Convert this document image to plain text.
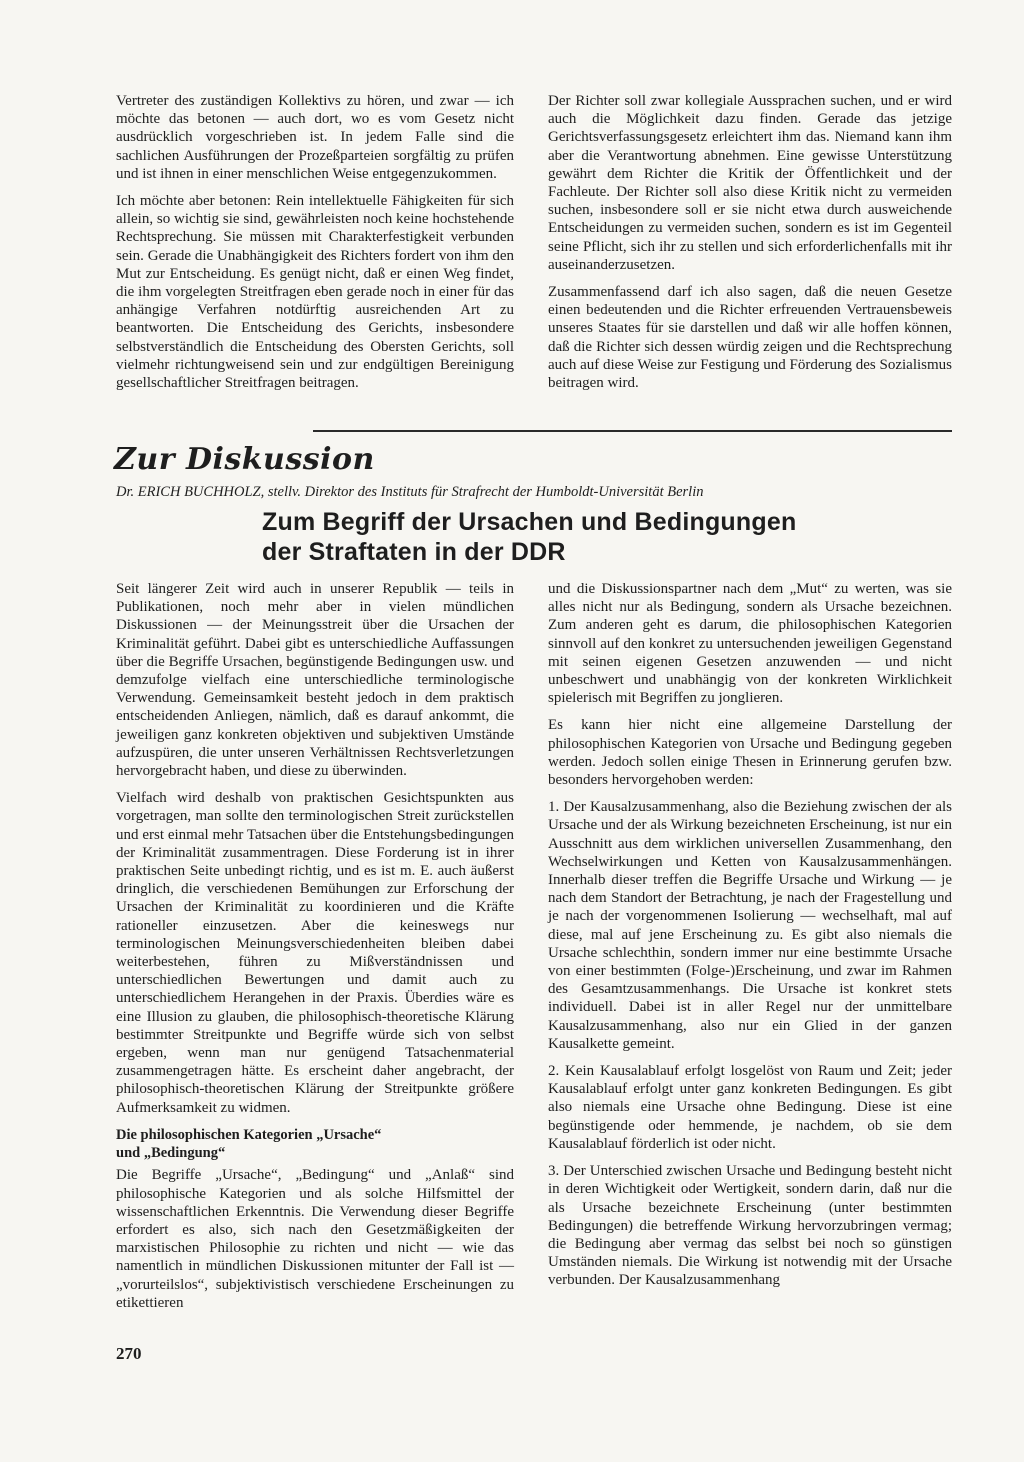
Vertreter des zuständigen Kollektivs zu hören, und zwar — ich möchte das betonen — auch dort, wo es vom Gesetz nicht ausdrücklich vorgeschrieben ist. In jedem Falle sind die sachlichen Ausführungen der Prozeßparteien sorgfältig zu prüfen und ist ihnen in einer menschlichen Weise entgegenzukommen.

Ich möchte aber betonen: Rein intellektuelle Fähigkeiten für sich allein, so wichtig sie sind, gewährleisten noch keine hochstehende Rechtsprechung. Sie müssen mit Charakterfestigkeit verbunden sein. Gerade die Unabhängigkeit des Richters fordert von ihm den Mut zur Entscheidung. Es genügt nicht, daß er einen Weg findet, die ihm vorgelegten Streitfragen eben gerade noch in einer für das anhängige Verfahren notdürftig ausreichenden Art zu beantworten. Die Entscheidung des Gerichts, insbesondere selbstverständlich die Entscheidung des Obersten Gerichts, soll vielmehr richtungweisend sein und zur endgültigen Bereinigung gesellschaftlicher Streitfragen beitragen.

Der Richter soll zwar kollegiale Aussprachen suchen, und er wird auch die Möglichkeit dazu finden. Gerade das jetzige Gerichtsverfassungsgesetz erleichtert ihm das. Niemand kann ihm aber die Verantwortung abnehmen. Eine gewisse Unterstützung gewährt dem Richter die Kritik der Öffentlichkeit und der Fachleute. Der Richter soll also diese Kritik nicht zu vermeiden suchen, insbesondere soll er sie nicht etwa durch ausweichende Entscheidungen zu vermeiden suchen, sondern es ist im Gegenteil seine Pflicht, sich ihr zu stellen und sich erforderlichenfalls mit ihr auseinanderzusetzen.

Zusammenfassend darf ich also sagen, daß die neuen Gesetze einen bedeutenden und die Richter erfreuenden Vertrauensbeweis unseres Staates für sie darstellen und daß wir alle hoffen können, daß die Richter sich dessen würdig zeigen und die Rechtsprechung auch auf diese Weise zur Festigung und Förderung des Sozialismus beitragen wird.

Zur Diskussion
Dr. ERICH BUCHHOLZ, stellv. Direktor des Instituts für Strafrecht der Humboldt-Universität Berlin
Zum Begriff der Ursachen und Bedingungen
der Straftaten in der DDR

Seit längerer Zeit wird auch in unserer Republik — teils in Publikationen, noch mehr aber in vielen mündlichen Diskussionen — der Meinungsstreit über die Ursachen der Kriminalität geführt. Dabei gibt es unterschiedliche Auffassungen über die Begriffe Ursachen, begünstigende Bedingungen usw. und demzufolge vielfach eine unterschiedliche terminologische Verwendung. Gemeinsamkeit besteht jedoch in dem praktisch entscheidenden Anliegen, nämlich, daß es darauf ankommt, die jeweiligen ganz konkreten objektiven und subjektiven Umstände aufzuspüren, die unter unseren Verhältnissen Rechtsverletzungen hervorgebracht haben, und diese zu überwinden.

Vielfach wird deshalb von praktischen Gesichtspunkten aus vorgetragen, man sollte den terminologischen Streit zurückstellen und erst einmal mehr Tatsachen über die Entstehungsbedingungen der Kriminalität zusammentragen. Diese Forderung ist in ihrer praktischen Seite unbedingt richtig, und es ist m. E. auch äußerst dringlich, die verschiedenen Bemühungen zur Erforschung der Ursachen der Kriminalität zu koordinieren und die Kräfte rationeller einzusetzen. Aber die keineswegs nur terminologischen Meinungsverschiedenheiten bleiben dabei weiterbestehen, führen zu Mißverständnissen und unterschiedlichen Bewertungen und damit auch zu unterschiedlichem Herangehen in der Praxis. Überdies wäre es eine Illusion zu glauben, die philosophisch-theoretische Klärung bestimmter Streitpunkte und Begriffe würde sich von selbst ergeben, wenn man nur genügend Tatsachenmaterial zusammengetragen hätte. Es erscheint daher angebracht, der philosophisch-theoretischen Klärung der Streitpunkte größere Aufmerksamkeit zu widmen.

Die philosophischen Kategorien „Ursache“
und „Bedingung“

Die Begriffe „Ursache“, „Bedingung“ und „Anlaß“ sind philosophische Kategorien und als solche Hilfsmittel der wissenschaftlichen Erkenntnis. Die Verwendung dieser Begriffe erfordert es also, sich nach den Gesetzmäßigkeiten der marxistischen Philosophie zu richten und nicht — wie das namentlich in mündlichen Diskussionen mitunter der Fall ist — „vorurteilslos“, subjektivistisch verschiedene Erscheinungen zu etikettieren

und die Diskussionspartner nach dem „Mut“ zu werten, was sie alles nicht nur als Bedingung, sondern als Ursache bezeichnen. Zum anderen geht es darum, die philosophischen Kategorien sinnvoll auf den konkret zu untersuchenden jeweiligen Gegenstand mit seinen eigenen Gesetzen anzuwenden — und nicht unbeschwert und unabhängig von der konkreten Wirklichkeit spielerisch mit Begriffen zu jonglieren.

Es kann hier nicht eine allgemeine Darstellung der philosophischen Kategorien von Ursache und Bedingung gegeben werden. Jedoch sollen einige Thesen in Erinnerung gerufen bzw. besonders hervorgehoben werden:

1. Der Kausalzusammenhang, also die Beziehung zwischen der als Ursache und der als Wirkung bezeichneten Erscheinung, ist nur ein Ausschnitt aus dem wirklichen universellen Zusammenhang, den Wechselwirkungen und Ketten von Kausalzusammenhängen. Innerhalb dieser treffen die Begriffe Ursache und Wirkung — je nach dem Standort der Betrachtung, je nach der Fragestellung und je nach der vorgenommenen Isolierung — wechselhaft, mal auf diese, mal auf jene Erscheinung zu. Es gibt also niemals die Ursache schlechthin, sondern immer nur eine bestimmte Ursache von einer bestimmten (Folge-)Erscheinung, und zwar im Rahmen des Gesamtzusammenhangs. Die Ursache ist konkret stets individuell. Dabei ist in aller Regel nur der unmittelbare Kausalzusammenhang, also nur ein Glied in der ganzen Kausalkette gemeint.

2. Kein Kausalablauf erfolgt losgelöst von Raum und Zeit; jeder Kausalablauf erfolgt unter ganz konkreten Bedingungen. Es gibt also niemals eine Ursache ohne Bedingung. Diese ist eine begünstigende oder hemmende, je nachdem, ob sie dem Kausalablauf förderlich ist oder nicht.

3. Der Unterschied zwischen Ursache und Bedingung besteht nicht in deren Wichtigkeit oder Wertigkeit, sondern darin, daß nur die als Ursache bezeichnete Erscheinung (unter bestimmten Bedingungen) die betreffende Wirkung hervorzubringen vermag; die Bedingung aber vermag das selbst bei noch so günstigen Umständen niemals. Die Wirkung ist notwendig mit der Ursache verbunden. Der Kausalzusammenhang

270
